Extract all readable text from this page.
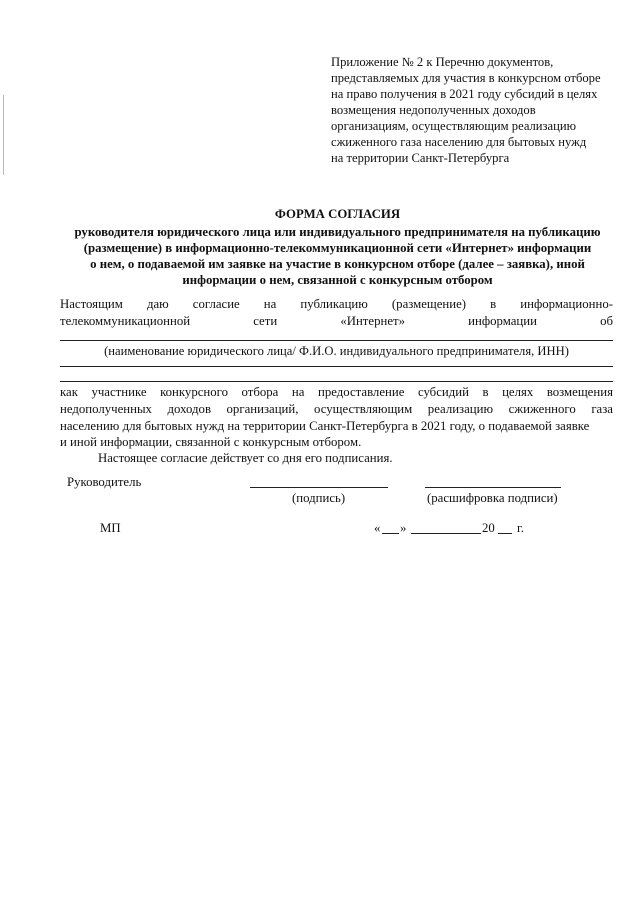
Приложение № 2 к Перечню документов,
представляемых для участия в конкурсном отборе
на право получения в 2021 году субсидий в целях
возмещения недополученных доходов
организациям, осуществляющим реализацию
сжиженного газа населению для бытовых нужд
на территории Санкт-Петербурга
ФОРМА СОГЛАСИЯ
руководителя юридического лица или индивидуального предпринимателя на публикацию
(размещение) в информационно-телекоммуникационной сети «Интернет» информации
о нем, о подаваемой им заявке на участие в конкурсном отборе (далее – заявка), иной
информации о нем, связанной с конкурсным отбором
Настоящим даю согласие на публикацию (размещение) в информационно-
телекоммуникационной	сети	«Интернет»	информации	об
(наименование юридического лица/ Ф.И.О. индивидуального предпринимателя, ИНН)
как участнике конкурсного отбора на предоставление субсидий в целях возмещения
недополученных доходов организаций, осуществляющим реализацию сжиженного газа
населению для бытовых нужд на территории Санкт-Петербурга в 2021 году, о подаваемой заявке
и иной информации, связанной с конкурсным отбором.
Настоящее согласие действует со дня его подписания.
Руководитель
(подпись)	(расшифровка подписи)
МП	« »	20 г.
